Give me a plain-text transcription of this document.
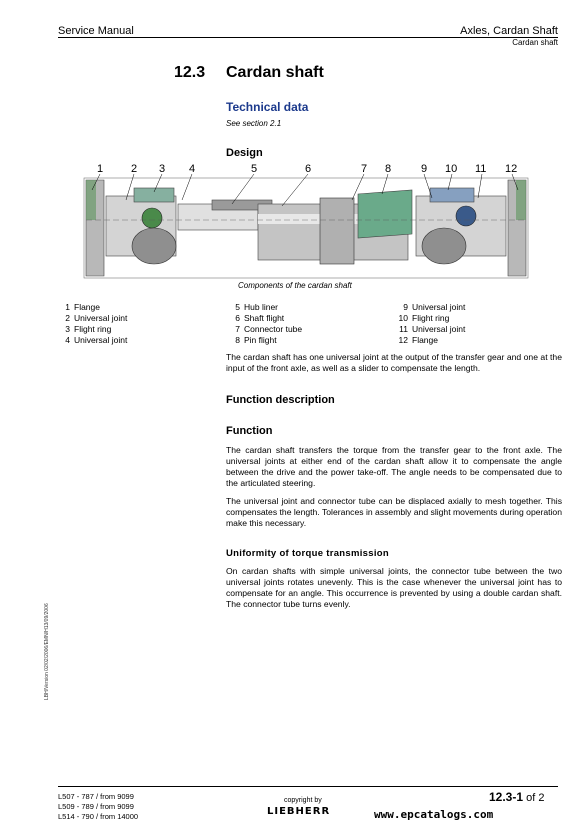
Service Manual	Axles, Cardan Shaft
Cardan shaft
12.3 Cardan shaft
Technical data
See section 2.1
Design
1	2 3 4	5	6	7 8	9 10 11 12
Components of the cardan shaft
1 Flange
2 Universal joint
3 Flight ring
4 Universal joint
5 Hub liner
6 Shaft flight
7 Connector tube
8 Pin flight
9 Universal joint
10 Flight ring
11 Universal joint
12 Flange
The cardan shaft has one universal joint at the output of the transfer gear and one at the input of the front axle, as well as a slider to compensate the length.
Function description
Function
The cardan shaft transfers the torque from the transfer gear to the front axle. The universal joints at either end of the cardan shaft allow it to compensate the angle between the drive and the power take-off. The angle needs to be compensated due to the articulated steering.
The universal joint and connector tube can be displaced axially to mesh together. This compensates the length. Tolerances in assembly and slight movements during operation make this necessary.
Uniformity of torque transmission
On cardan shafts with simple universal joints, the connector tube between the two universal joints rotates unevenly. This is the case whenever the universal joint has to compensate for an angle. This occurrence is prevented by using a double cardan shaft. The connector tube turns evenly.
LBH/Version 02/02/2006/EMN/H13/09/2006
L507 - 787 / from 9099
L509 - 789 / from 9099
L514 - 790 / from 14000
copyright by
LIEBHERR
12.3-1 of 2
www.epcatalogs.com
